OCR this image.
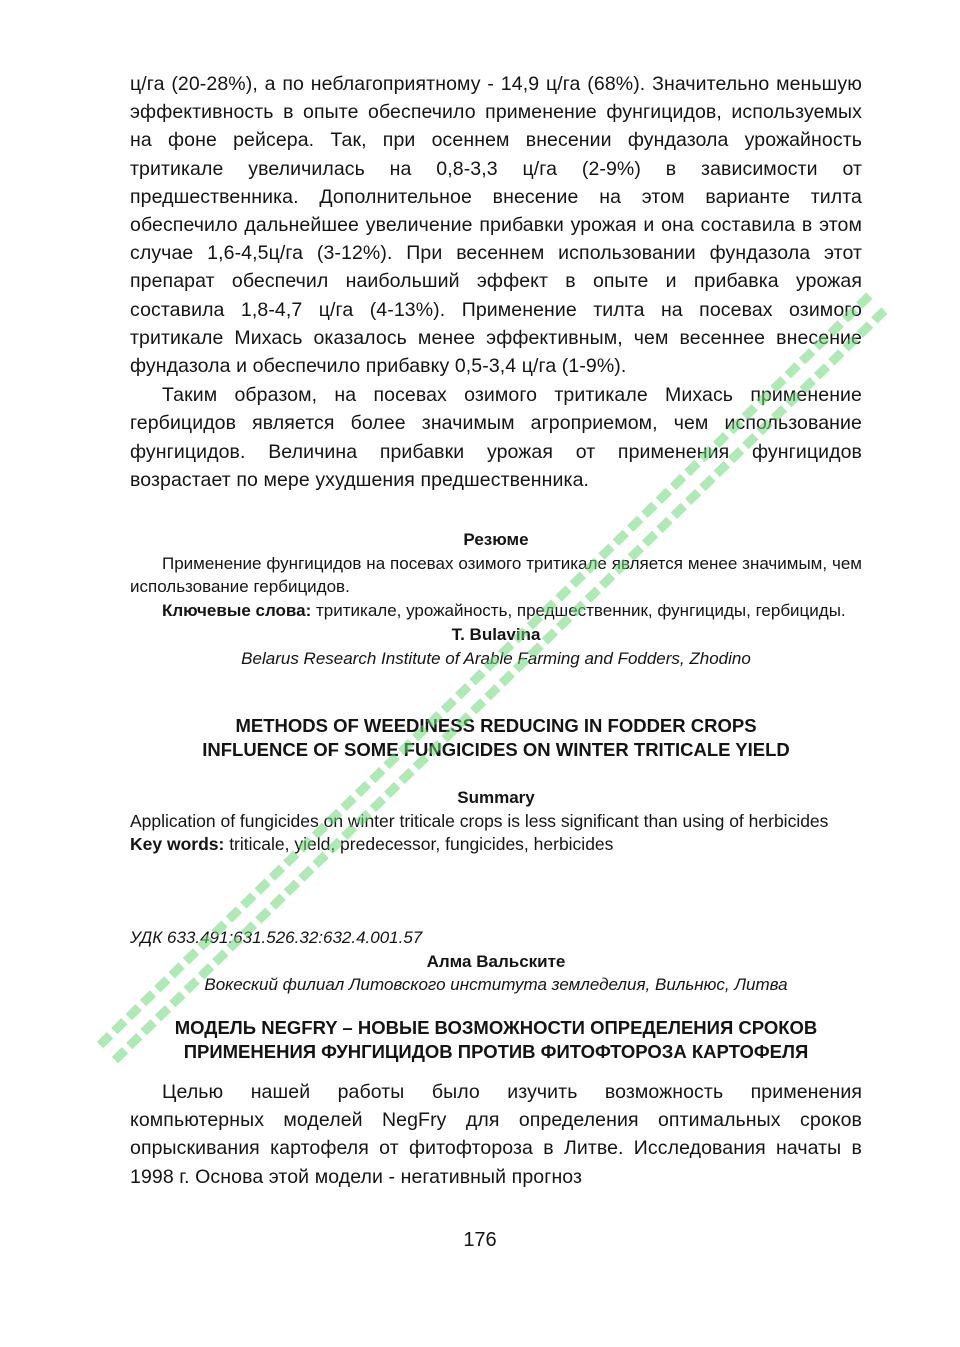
ц/га (20-28%), а по неблагоприятному - 14,9 ц/га (68%). Значительно меньшую эффективность в опыте обеспечило применение фунгицидов, используемых на фоне рейсера. Так, при осеннем внесении фундазола урожайность тритикале увеличилась на 0,8-3,3 ц/га (2-9%) в зависимости от предшественника. Дополнительное внесение на этом варианте тилта обеспечило дальнейшее увеличение прибавки урожая и она составила в этом случае 1,6-4,5ц/га (3-12%). При весеннем использовании фундазола этот препарат обеспечил наибольший эффект в опыте и прибавка урожая составила 1,8-4,7 ц/га (4-13%). Применение тилта на посевах озимого тритикале Михась оказалось менее эффективным, чем весеннее внесение фундазола и обеспечило прибавку 0,5-3,4 ц/га (1-9%).

Таким образом, на посевах озимого тритикале Михась применение гербицидов является более значимым агроприемом, чем использование фунгицидов. Величина прибавки урожая от применения фунгицидов возрастает по мере ухудшения предшественника.

Резюме

Применение фунгицидов на посевах озимого тритикале является менее значимым, чем использование гербицидов.

Ключевые слова: тритикале, урожайность, предшественник, фунгициды, гербициды.

T. Bulavina

Belarus Research Institute of Arable Farming and Fodders, Zhodino

METHODS OF WEEDINESS REDUCING IN FODDER CROPS

INFLUENCE OF SOME FUNGICIDES ON WINTER TRITICALE YIELD

Summary

Application of fungicides on winter triticale crops is less significant than using of herbicides

Key words: triticale, yield, predecessor, fungicides, herbicides

УДК 633.491:631.526.32:632.4.001.57

Алма Вальските

Вокеский филиал Литовского института земледелия, Вильнюс, Литва

МОДЕЛЬ NEGFRY – НОВЫЕ ВОЗМОЖНОСТИ ОПРЕДЕЛЕНИЯ СРОКОВ

ПРИМЕНЕНИЯ ФУНГИЦИДОВ ПРОТИВ ФИТОФТОРОЗА КАРТОФЕЛЯ

Целью нашей работы было изучить возможность применения компьютерных моделей NegFry для определения оптимальных сроков опрыскивания картофеля от фитофтороза в Литве. Исследования начаты в 1998 г. Основа этой модели - негативный прогноз

176
